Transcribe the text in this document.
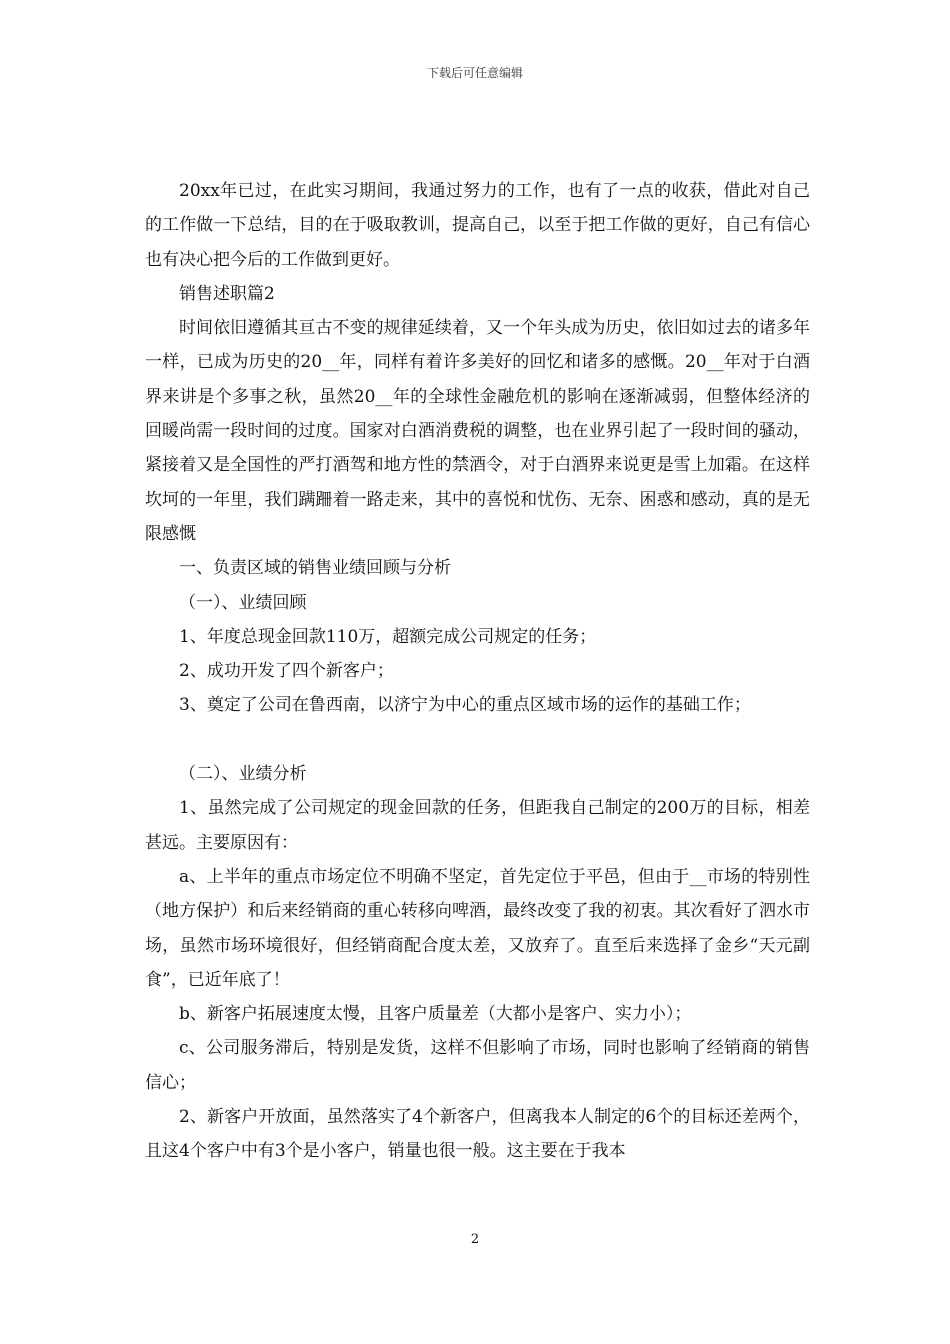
下载后可任意编辑

20xx年已过，在此实习期间，我通过努力的工作，也有了一点的收获，借此对自己的工作做一下总结，目的在于吸取教训，提高自己，以至于把工作做的更好，自己有信心也有决心把今后的工作做到更好。

销售述职篇2

时间依旧遵循其亘古不变的规律延续着，又一个年头成为历史，依旧如过去的诸多年一样，已成为历史的20__年，同样有着许多美好的回忆和诸多的感慨。20__年对于白酒界来讲是个多事之秋，虽然20__年的全球性金融危机的影响在逐渐减弱，但整体经济的回暖尚需一段时间的过度。国家对白酒消费税的调整，也在业界引起了一段时间的骚动，紧接着又是全国性的严打酒驾和地方性的禁酒令，对于白酒界来说更是雪上加霜。在这样坎坷的一年里，我们蹒跚着一路走来，其中的喜悦和忧伤、无奈、困惑和感动，真的是无限感慨

一、负责区域的销售业绩回顾与分析

（一）、业绩回顾

1、年度总现金回款110万，超额完成公司规定的任务；

2、成功开发了四个新客户；

3、奠定了公司在鲁西南，以济宁为中心的重点区域市场的运作的基础工作；

（二）、业绩分析

1、虽然完成了公司规定的现金回款的任务，但距我自己制定的200万的目标，相差甚远。主要原因有：

a、上半年的重点市场定位不明确不坚定，首先定位于平邑，但由于__市场的特别性（地方保护）和后来经销商的重心转移向啤酒，最终改变了我的初衷。其次看好了泗水市场，虽然市场环境很好，但经销商配合度太差，又放弃了。直至后来选择了金乡“天元副食”，已近年底了！

b、新客户拓展速度太慢，且客户质量差（大都小是客户、实力小）；

c、公司服务滞后，特别是发货，这样不但影响了市场，同时也影响了经销商的销售信心；

2、新客户开放面，虽然落实了4个新客户，但离我本人制定的6个的目标还差两个，且这4个客户中有3个是小客户，销量也很一般。这主要在于我本

2
